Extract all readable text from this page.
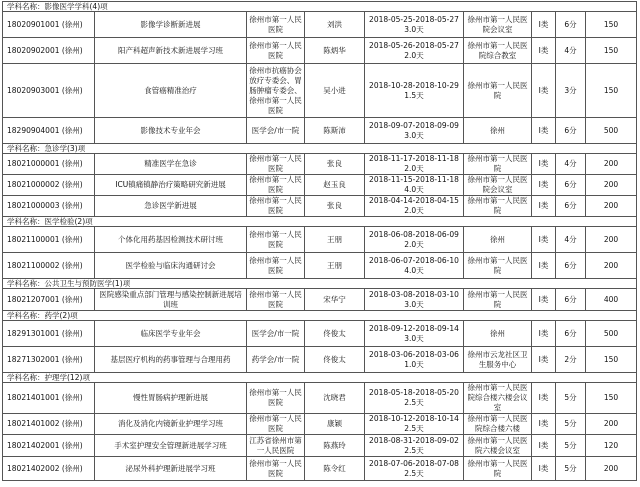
学科名称：影像医学学科(4)项								
18020901001 (徐州)	影像学诊断新进展	徐州市第一人民医院	刘洪	2018-05-25-2018-05-27
3.0天	徐州市第一人民医院会议室	I类	6分	150
18020902001 (徐州)	阳产科超声新技术新进展学习班	徐州市第一人民医院	陈炳华	2018-05-26-2018-05-27
2.0天	徐州市第一人民医院综合教室	I类	4分	150
18020903001 (徐州)	食管癌精准治疗	徐州市抗癌协会放疗专委会、胃肠肿瘤专委会、徐州市第一人民医院	吴小进	2018-10-28-2018-10-29
1.5天	徐州市第一人民医院	I类	3分	150
18290904001 (徐州)	影像技术专业年会	医学会/市一院	陈斯沛	2018-09-07-2018-09-09
3.0天	徐州	I类	6分	500
学科名称：急诊学(3)项								
18021000001 (徐州)	精准医学在急诊	徐州市第一人民医院	张良	2018-11-17-2018-11-18
2.0天	徐州市第一人民医院	I类	4分	200
18021000002 (徐州)	ICU镇痛镇静治疗策略研究新进展	徐州市第一人民医院	赵玉良	2018-11-15-2018-11-18
4.0天	徐州市第一人民医院会议室	I类	6分	200
18021000003 (徐州)	急诊医学新进展	徐州市第一人民医院	张良	2018-04-14-2018-04-15
2.0天	徐州市第一人民医院	I类	6分	200
学科名称：医学检验(2)项								
18021100001 (徐州)	个体化用药基因检测技术研讨班	徐州市第一人民医院	王朋	2018-06-08-2018-06-09
2.0天	徐州	I类	4分	200
18021100002 (徐州)	医学检验与临床沟通研讨会	徐州市第一人民医院	王朋	2018-06-07-2018-06-10
4.0天	徐州市第一人民医院	I类	6分	200
学科名称：公共卫生与预防医学(1)项								
18021207001 (徐州)	医院感染重点部门管理与感染控制新进展培训班	徐州市第一人民医院	宋华宁	2018-03-08-2018-03-10
3.0天	徐州市第一人民医院	I类	6分	400
学科名称：药学(2)项								
18291301001 (徐州)	临床医学专业年会	医学会/市一院	佟俊太	2018-09-12-2018-09-14
3.0天	徐州	I类	6分	500
18271302001 (徐州)	基层医疗机构的药事管理与合理用药	药学会/市一院	佟俊太	2018-03-06-2018-03-06
1.0天	徐州市云龙社区卫生服务中心	I类	2分	150
学科名称：护理学(12)项								
18021401001 (徐州)	慢性胃肠病护理新进展	徐州市第一人民医院	沈晓君	2018-05-18-2018-05-20
2.5天	徐州市第一人民医院综合楼六楼会议室	I类	5分	150
18021401002 (徐州)	消化及消化内镜新业护理学习班	徐州市第一人民医院	康颖	2018-10-12-2018-10-14
2.5天	徐州市第一人民医院综合楼六楼	I类	5分	200
18021402001 (徐州)	手术室护理安全管理新进展学习班	江苏省徐州市第一人民医院	陈燕玲	2018-08-31-2018-09-02
2.5天	徐州市第一人民医院六楼会议室	I类	5分	120
18021402002 (徐州)	泌尿外科护理新进展学习班	徐州市第一人民医院	陈令红	2018-07-06-2018-07-08
2.5天	徐州市第一人民医院	I类	5分	200
